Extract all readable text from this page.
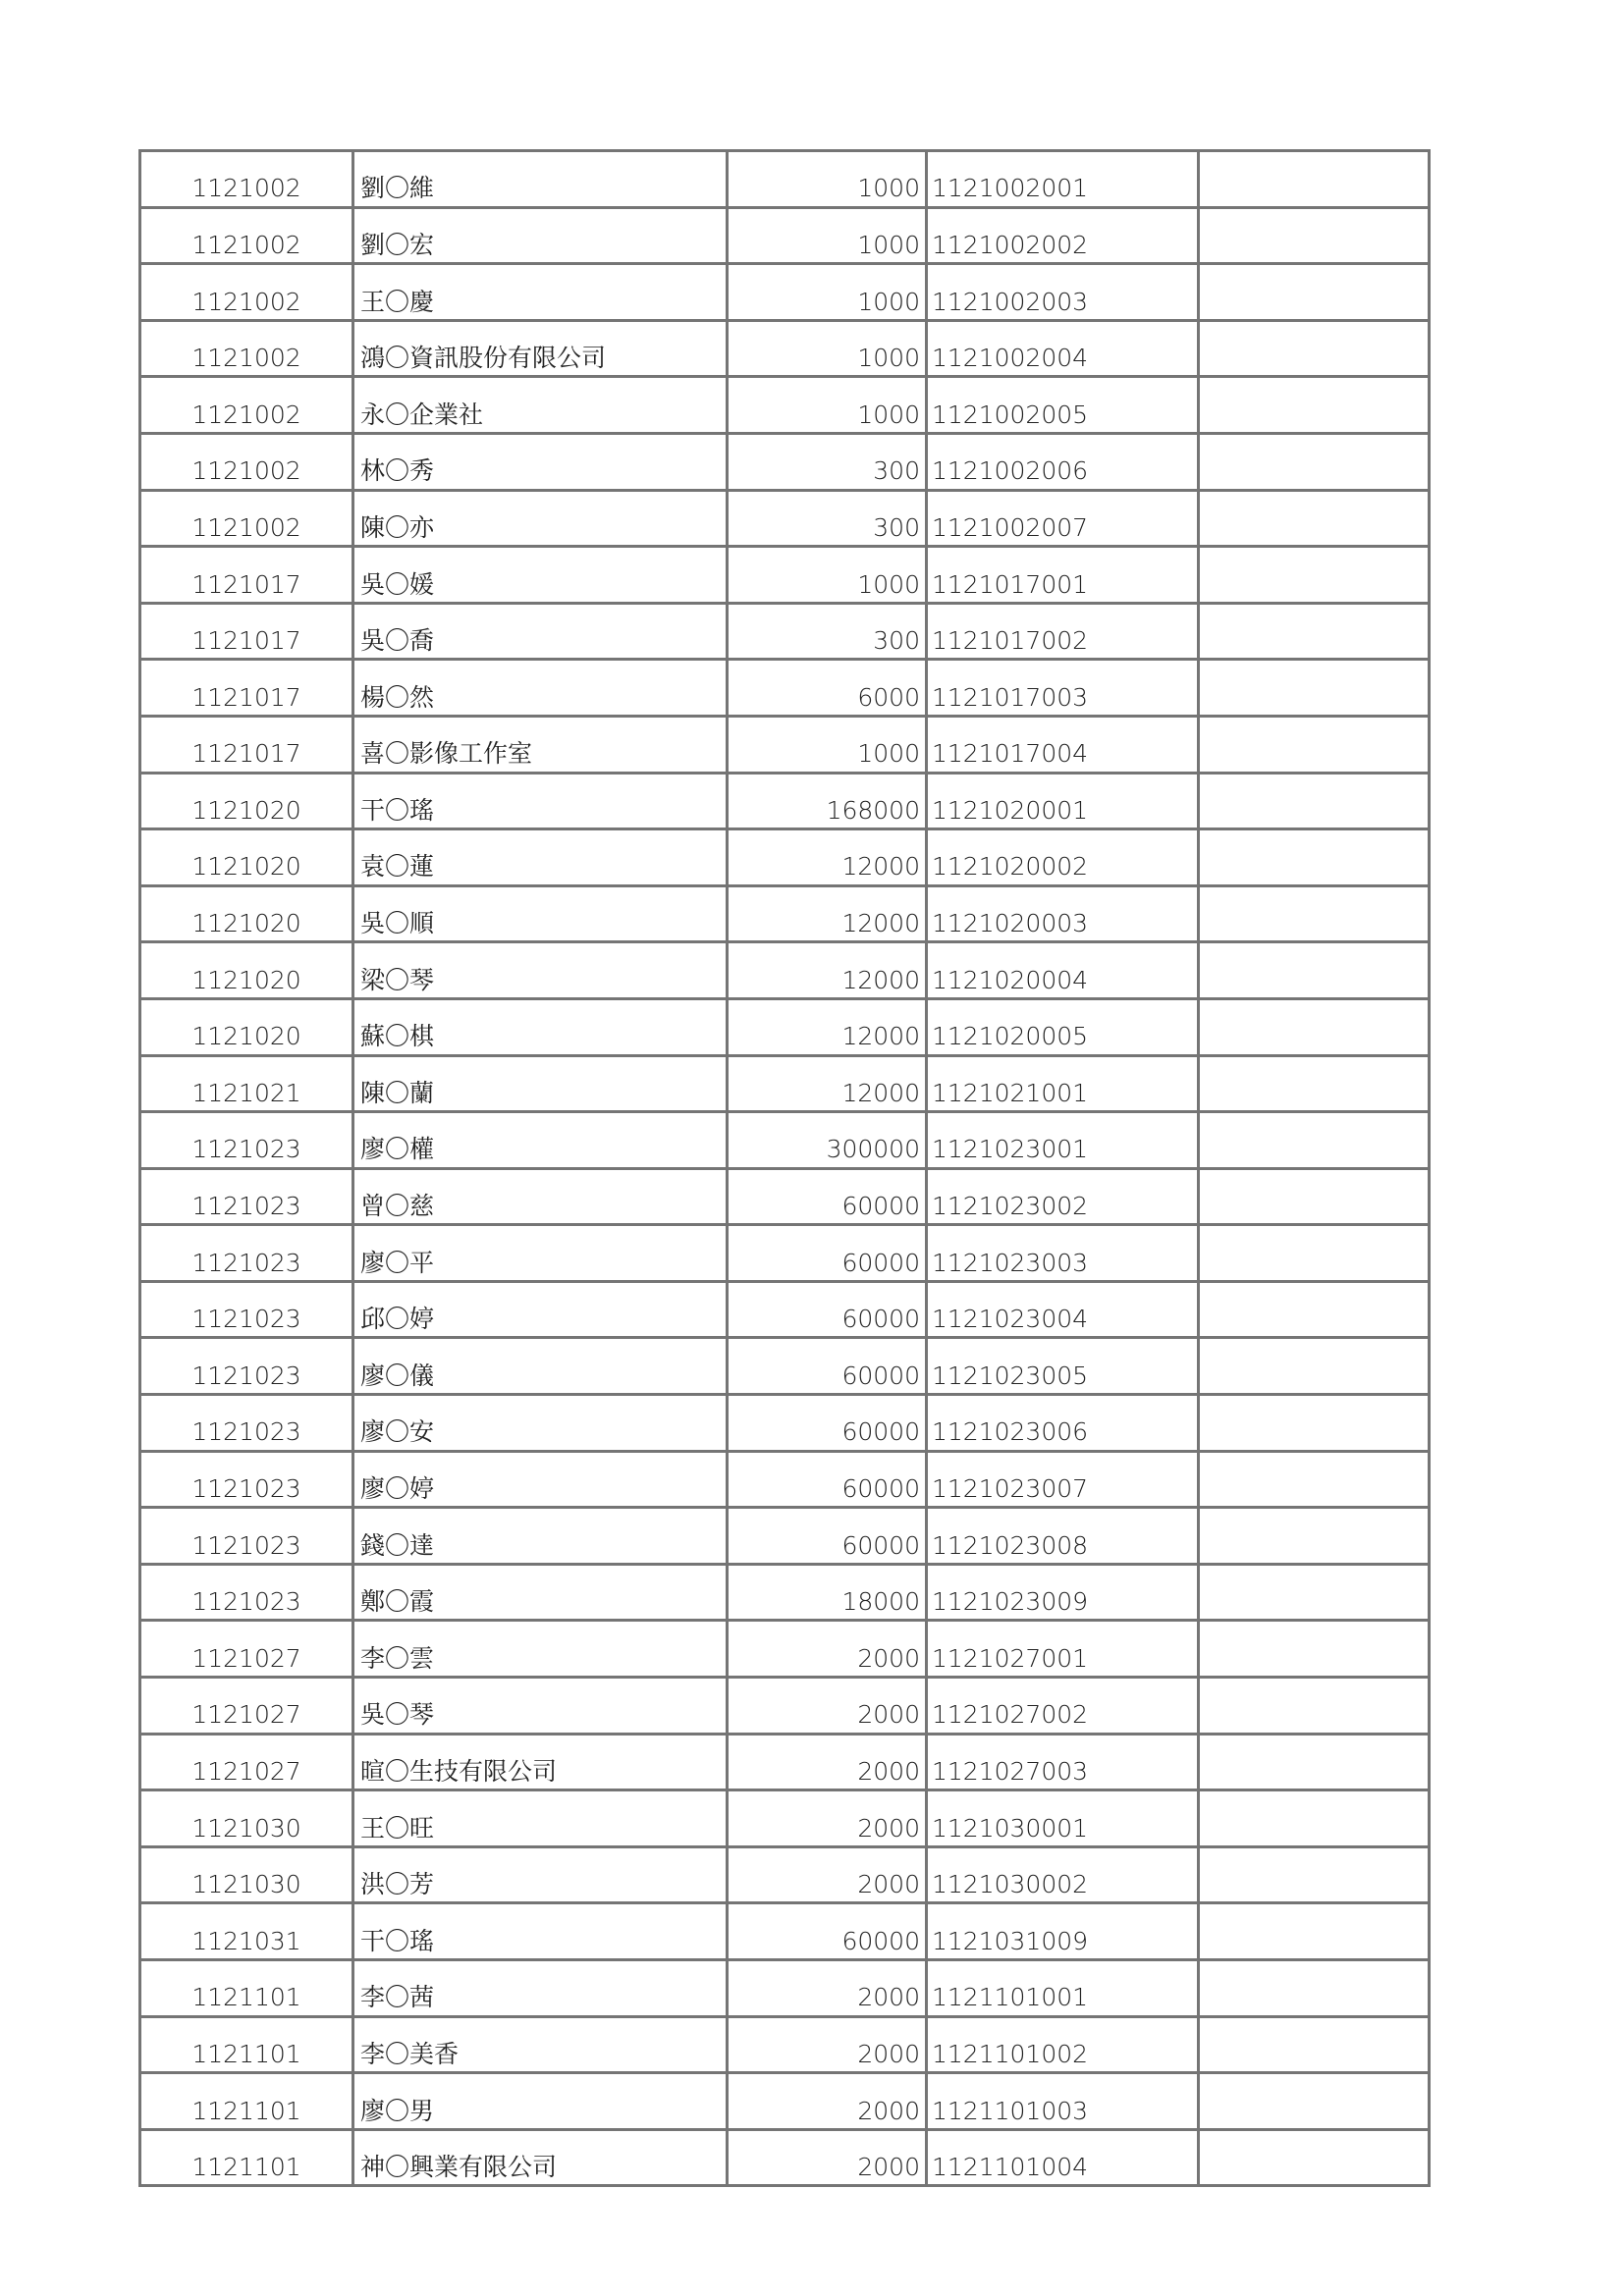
1121002	劉〇維	1000	1121002001	
1121002	劉〇宏	1000	1121002002	
1121002	王〇慶	1000	1121002003	
1121002	鴻〇資訊股份有限公司	1000	1121002004	
1121002	永〇企業社	1000	1121002005	
1121002	林〇秀	300	1121002006	
1121002	陳〇亦	300	1121002007	
1121017	吳〇媛	1000	1121017001	
1121017	吳〇喬	300	1121017002	
1121017	楊〇然	6000	1121017003	
1121017	喜〇影像工作室	1000	1121017004	
1121020	干〇瑤	168000	1121020001	
1121020	袁〇蓮	12000	1121020002	
1121020	吳〇順	12000	1121020003	
1121020	梁〇琴	12000	1121020004	
1121020	蘇〇棋	12000	1121020005	
1121021	陳〇蘭	12000	1121021001	
1121023	廖〇權	300000	1121023001	
1121023	曾〇慈	60000	1121023002	
1121023	廖〇平	60000	1121023003	
1121023	邱〇婷	60000	1121023004	
1121023	廖〇儀	60000	1121023005	
1121023	廖〇安	60000	1121023006	
1121023	廖〇婷	60000	1121023007	
1121023	錢〇達	60000	1121023008	
1121023	鄭〇霞	18000	1121023009	
1121027	李〇雲	2000	1121027001	
1121027	吳〇琴	2000	1121027002	
1121027	暄〇生技有限公司	2000	1121027003	
1121030	王〇旺	2000	1121030001	
1121030	洪〇芳	2000	1121030002	
1121031	干〇瑤	60000	1121031009	
1121101	李〇茜	2000	1121101001	
1121101	李〇美香	2000	1121101002	
1121101	廖〇男	2000	1121101003	
1121101	神〇興業有限公司	2000	1121101004	
